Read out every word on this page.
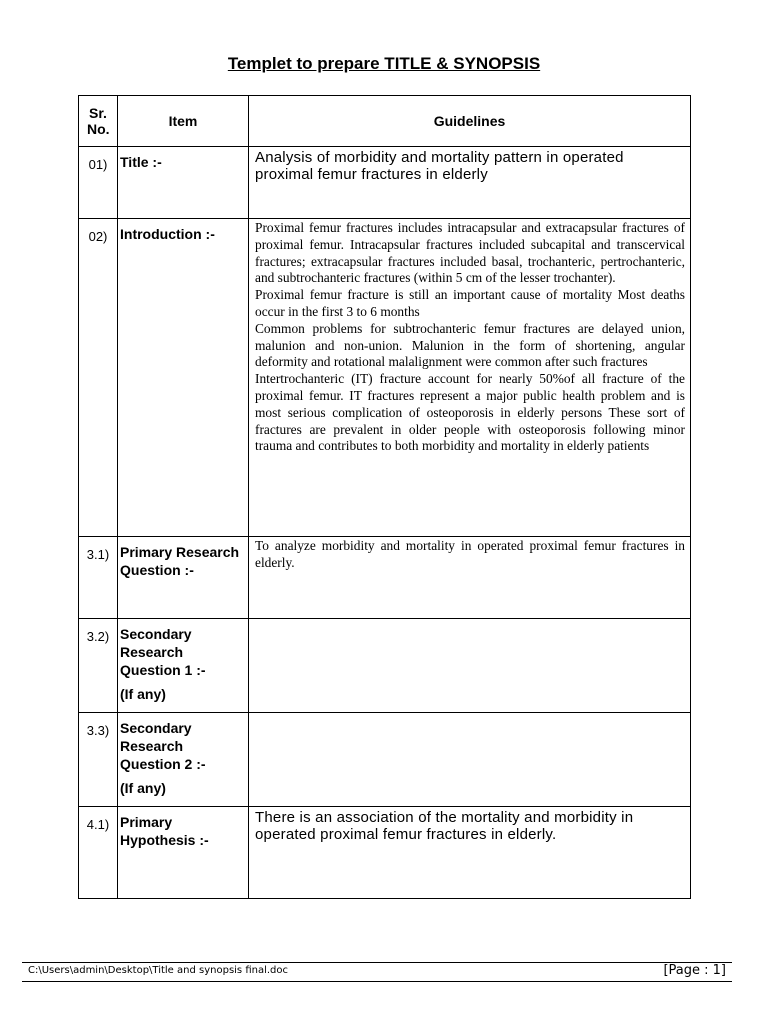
Templet to prepare TITLE & SYNOPSIS
Sr. No.	Item	Guidelines
01)	Title :-	Analysis of morbidity and mortality pattern in operated proximal femur fractures in elderly
02)	Introduction :-	Proximal femur fractures includes intracapsular and extracapsular fractures of proximal femur. Intracapsular fractures included subcapital and transcervical fractures; extracapsular fractures included basal, trochanteric, pertrochanteric, and subtrochanteric fractures (within 5 cm of the lesser trochanter).

Proximal femur fracture is still an important cause of mortality Most deaths occur in the first 3 to 6 months

Common problems for subtrochanteric femur fractures are delayed union, malunion and non-union. Malunion in the form of shortening, angular deformity and rotational malalignment were common after such fractures

Intertrochanteric (IT) fracture account for nearly 50%of all fracture of the proximal femur. IT fractures represent a major public health problem and is most serious complication of osteoporosis in elderly persons These sort of fractures are prevalent in older people with osteoporosis following minor trauma and contributes to both morbidity and mortality in elderly patients

3.1)	Primary Research Question :-	To analyze morbidity and mortality in operated proximal femur fractures in elderly.
3.2)	Secondary Research Question 1 :-
(If any)	

3.3)	Secondary Research Question 2 :-
(If any)	

4.1)	Primary Hypothesis :-	There is an association of the mortality and morbidity in operated proximal femur fractures in elderly.
C:\Users\admin\Desktop\Title and synopsis final.doc	[Page : 1]
